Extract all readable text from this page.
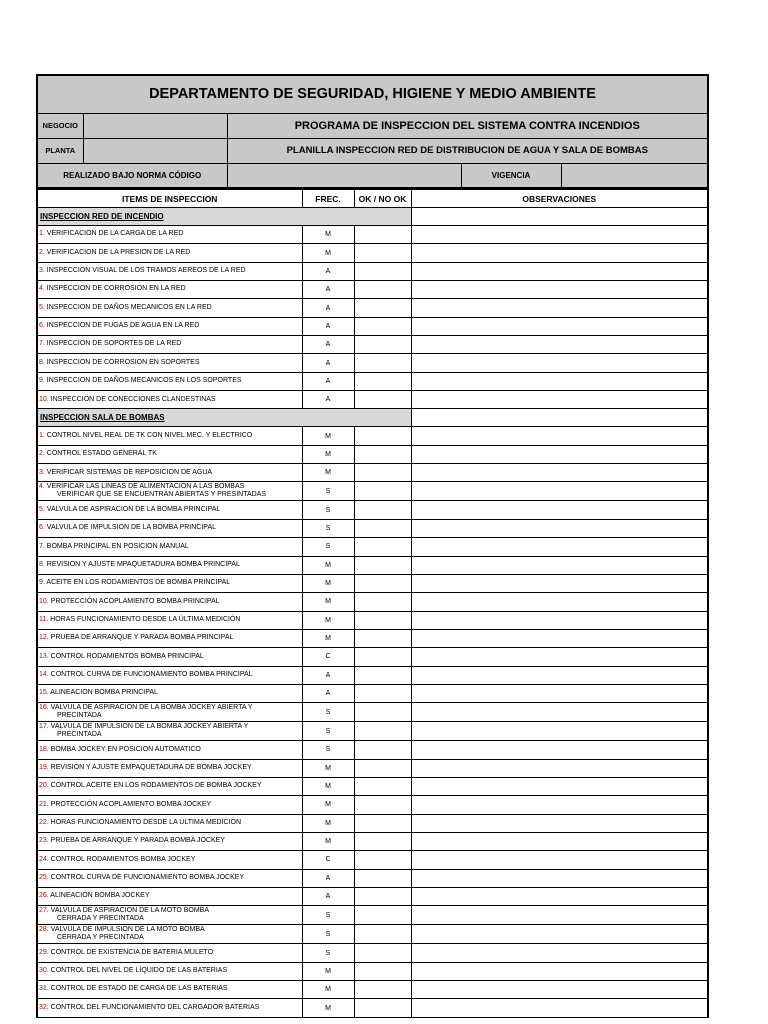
DEPARTAMENTO DE SEGURIDAD, HIGIENE Y MEDIO AMBIENTE				
NEGOCIO		PROGRAMA DE INSPECCION DEL SISTEMA CONTRA INCENDIOS		
PLANTA		PLANILLA INSPECCION RED DE DISTRIBUCION DE AGUA Y SALA DE BOMBAS		
REALIZADO BAJO NORMA CÓDIGO			VIGENCIA	
ITEMS DE INSPECCION	FREC.	OK / NO OK	OBSERVACIONES
INSPECCION RED DE INCENDIO			
1. VERIFICACION DE LA CARGA DE LA RED	M		
2. VERIFICACION DE LA PRESION DE LA RED	M		
3. INSPECCION VISUAL DE LOS TRAMOS AEREOS DE LA RED	A		
4. INSPECCION DE CORROSION EN LA RED	A		
5. INSPECCION DE DAÑOS MECANICOS EN LA RED	A		
6. INSPECCION DE FUGAS DE AGUA EN LA RED	A		
7. INSPECCION DE SOPORTES DE LA RED	A		
8. INSPECCION DE CORROSION EN SOPORTES	A		
9. INSPECCION DE DAÑOS MECANICOS EN LOS SOPORTES	A		
10. INSPECCION DE CONECCIONES CLANDESTINAS	A		
INSPECCION SALA DE BOMBAS			
1. CONTROL NIVEL REAL DE TK CON NIVEL MEC. Y ELECTRICO	M		
2. CONTROL ESTADO GENERAL TK	M		
3. VERIFICAR SISTEMAS DE REPOSICION DE AGUA	M		
4. VERIFICAR LAS LINEAS DE ALIMENTACION A LAS BOMBAS
VERIFICAR QUE SE ENCUENTRAN ABIERTAS Y PRESINTADAS	S		
5. VALVULA DE ASPIRACION DE LA BOMBA PRINCIPAL	S		
6. VALVULA DE IMPULSION DE LA BOMBA PRINCIPAL	S		
7. BOMBA PRINCIPAL EN POSICION MANUAL	S		
8. REVISION Y AJUSTE MPAQUETADURA BOMBA PRINCIPAL	M		
9. ACEITE EN LOS RODAMIENTOS DE BOMBA PRINCIPAL	M		
10. PROTECCIÓN ACOPLAMIENTO BOMBA PRINCIPAL	M		
11. HORAS FUNCIONAMIENTO DESDE LA ÚLTIMA MEDICIÓN	M		
12. PRUEBA DE ARRANQUE Y PARADA BOMBA PRINCIPAL	M		
13. CONTROL RODAMIENTOS BOMBA PRINCIPAL	C		
14. CONTROL CURVA DE FUNCIONAMIENTO BOMBA PRINCIPAL	A		
15. ALINEACION BOMBA PRINCIPAL	A		
16. VALVULA DE ASPIRACION DE LA BOMBA JOCKEY ABIERTA Y
PRECINTADA	S		
17. VALVULA DE IMPULSIÓN DE LA BOMBA JOCKEY ABIERTA Y
PRECINTADA	S		
18. BOMBA JOCKEY EN POSICION AUTOMATICO	S		
19. REVISION Y AJUSTE EMPAQUETADURA DE BOMBA JOCKEY	M		
20. CONTROL ACEITE EN LOS RODAMIENTOS DE BOMBA JOCKEY	M		
21. PROTECCIÓN ACOPLAMIENTO BOMBA JOCKEY	M		
22. HORAS FUNCIONAMIENTO DESDE LA ÚLTIMA MEDICIÓN	M		
23. PRUEBA DE ARRANQUE Y PARADA BOMBA JOCKEY	M		
24. CONTROL RODAMIENTOS BOMBA JOCKEY	C		
25. CONTROL CURVA DE FUNCIONAMIENTO BOMBA JOCKEY	A		
26. ALINEACION BOMBA JOCKEY	A		
27. VALVULA DE ASPIRACION DE LA MOTO BOMBA
CERRADA Y PRECINTADA	S		
28. VALVULA DE IMPULSIÓN DE LA MOTO BOMBA
CERRADA Y PRECINTADA	S		
29. CONTROL DE EXISTENCIA DE BATERIA MULETO	S		
30. CONTROL DEL NIVEL DE LÍQUIDO DE LAS BATERIAS	M		
31. CONTROL DE ESTADO DE CARGA DE LAS BATERIAS	M		
32. CONTROL DEL FUNCIONAMIENTO DEL CARGADOR BATERIAS	M		
